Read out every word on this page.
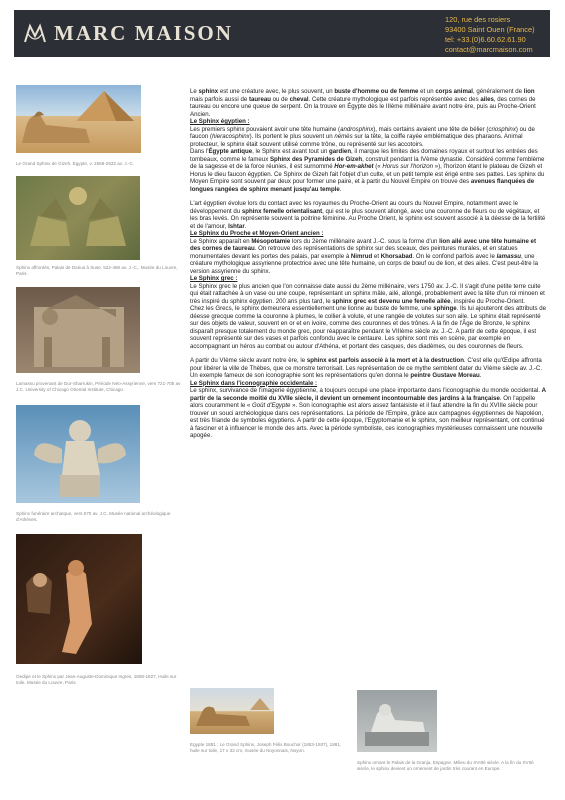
MARC MAISON
120, rue des rosiers
93400 Saint Ouen (France)
tel: +33.(0)6.60.62.61.90
contact@marcmaison.com
Le Grand Sphinx de Gizeh, Egypte, v. 2558-2532 av. J.-C.
Sphinx affrontés, Palais de Darius à Suse, 522-486 av. J.-C., Musée du Louvre, Paris.
Lamassu provenant de Dur-Sharrukin, Période Néo-Assyrienne, vers 721-705 av J.C. University of Chicago Oriental Institute, Chicago.
Sphinx funéraire archaïque, vers 570 av. J.C. Musée national archéologique d'Athènes.
Oedipe et le Sphinx par Jean-Auguste-Dominique Ingres, 1808-1827, Huile sur toile. Musée du Louvre, Paris.

Le sphinx est une créature avec, le plus souvent, un buste d'homme ou de femme et un corps animal, généralement de lion mais parfois aussi de taureau ou de cheval. Cette créature mythologique est parfois représentée avec des ailes, des cornes de taureau ou encore une queue de serpent. On la trouve en Égypte dès le IIIème millénaire avant notre ère, puis au Proche-Orient Ancien.

Le Sphinx égyptien :

Les premiers sphinx pouvaient avoir une tête humaine (androsphinx), mais certains avaient une tête de bélier (criosphinx) ou de faucon (hieracosphinx). Ils portent le plus souvent un némès sur la tête, la coiffe rayée emblématique des pharaons. Animal protecteur, le sphinx était souvent utilisé comme trône, ou représenté sur les accotoirs.

Dans l'Égypte antique, le Sphinx est avant tout un gardien, il marque les limites des domaines royaux et surtout les entrées des tombeaux, comme le fameux Sphinx des Pyramides de Gizeh, construit pendant la IVème dynastie. Considéré comme l'emblème de la sagesse et de la force réunies, il est surnommé Hor-em-akhet (« Horus sur l'horizon »), l'horizon étant le plateau de Gizeh et Horus le dieu faucon égyptien. Ce Sphinx de Gizeh fait l'objet d'un culte, et un petit temple est érigé entre ses pattes. Les sphinx du Moyen Empire sont souvent par deux pour former une paire, et à partir du Nouvel Empire on trouve des avenues flanquées de longues rangées de sphinx menant jusqu'au temple.

L'art égyptien évolue lors du contact avec les royaumes du Proche-Orient au cours du Nouvel Empire, notamment avec le développement du sphinx femelle orientalisant, qui est le plus souvent allongé, avec une couronne de fleurs ou de végétaux, et les bras levés. On représente souvent la poitrine féminine. Au Proche Orient, le sphinx est souvent associé à la déesse de la fertilité et de l'amour, Ishtar.

Le Sphinx du Proche et Moyen-Orient ancien :

Le Sphinx apparaît en Mésopotamie lors du 2ème millénaire avant J.-C. sous la forme d'un lion ailé avec une tête humaine et des cornes de taureau. On retrouve des représentations de sphinx sur des sceaux, des peintures murales, et en statues monumentales devant les portes des palais, par exemple à Nimrud et Khorsabad. On le confond parfois avec le lamassu, une créature mythologique assyrienne protectrice avec une tête humaine, un corps de bœuf ou de lion, et des ailes. C'est peut-être la version assyrienne du sphinx.

Le Sphinx grec :

Le Sphinx grec le plus ancien que l'on connaisse date aussi du 2ème millénaire, vers 1750 av. J.-C. Il s'agit d'une petite terre cuite qui était rattachée à un vase ou une coupe, représentant un sphinx mâle, ailé, allongé, probablement avec la tête d'un roi minoen et très inspiré du sphinx égyptien. 200 ans plus tard, le sphinx grec est devenu une femelle ailée, inspirée du Proche-Orient.

Chez les Grecs, le sphinx demeurera essentiellement une lionne au buste de femme, une sphinge. Ils lui ajouteront des attributs de déesse grecque comme la couronne à plumes, le collier à volute, et une rangée de volutes sur son aile. Le sphinx était représenté sur des objets de valeur, souvent en or et en ivoire, comme des couronnes et des trônes. A la fin de l'Âge de Bronze, le sphinx disparaît presque totalement du monde grec, pour réapparaître pendant le VIIIème siècle av. J.-C. A partir de cette époque, il est souvent représenté sur des vases et parfois confondu avec le centaure. Les sphinx sont mis en scène, par exemple en accompagnant un héros au combat ou autour d'Athéna, et portant des casques, des diadèmes, ou des couronnes de fleurs.

A partir du VIème siècle avant notre ère, le sphinx est parfois associé à la mort et à la destruction. C'est elle qu'Œdipe affronta pour libérer la ville de Thèbes, que ce monstre terrorisait. Les représentation de ce mythe semblent dater du VIème siècle av. J.-C. Un exemple fameux de son iconographie sont les représentations qu'en donna le peintre Gustave Moreau.

Le Sphinx dans l'iconographie occidentale :

Le sphinx, survivance de l'imagerie égyptienne, a toujours occupé une place importante dans l'iconographie du monde occidental. A partir de la seconde moitié du XVIIe siècle, il devient un ornement incontournable des jardins à la française. On l'appelle alors couramment le « Goût d'Egypte ». Son iconographie est alors assez fantaisiste et il faut attendre la fin du XVIIIe siècle pour trouver un souci archéologique dans ces représentations. La période de l'Empire, grâce aux campagnes égyptiennes de Napoléon, est très friande de symboles égyptiens. A partir de cette époque, l'Egyptomanie et le sphinx, son meilleur représentant, ont continué à fasciner et à influencer le monde des arts. Avec la période symboliste, ces iconographies mystérieuses connaissent une nouvelle apogée.

Egypte 1881 : Le Grand Sphinx, Joseph Félix Bouchor (1853-1937), 1881, huile sur toile, 17 x 33 cm, musée du Noyonnais, Noyon.
Sphinx ornant le Palais de la Granja, Espagne. Milieu du XVIIIè siècle. A la fin du XVIIè siècle, le sphinx devient un ornement de jardin très courant en Europe.
